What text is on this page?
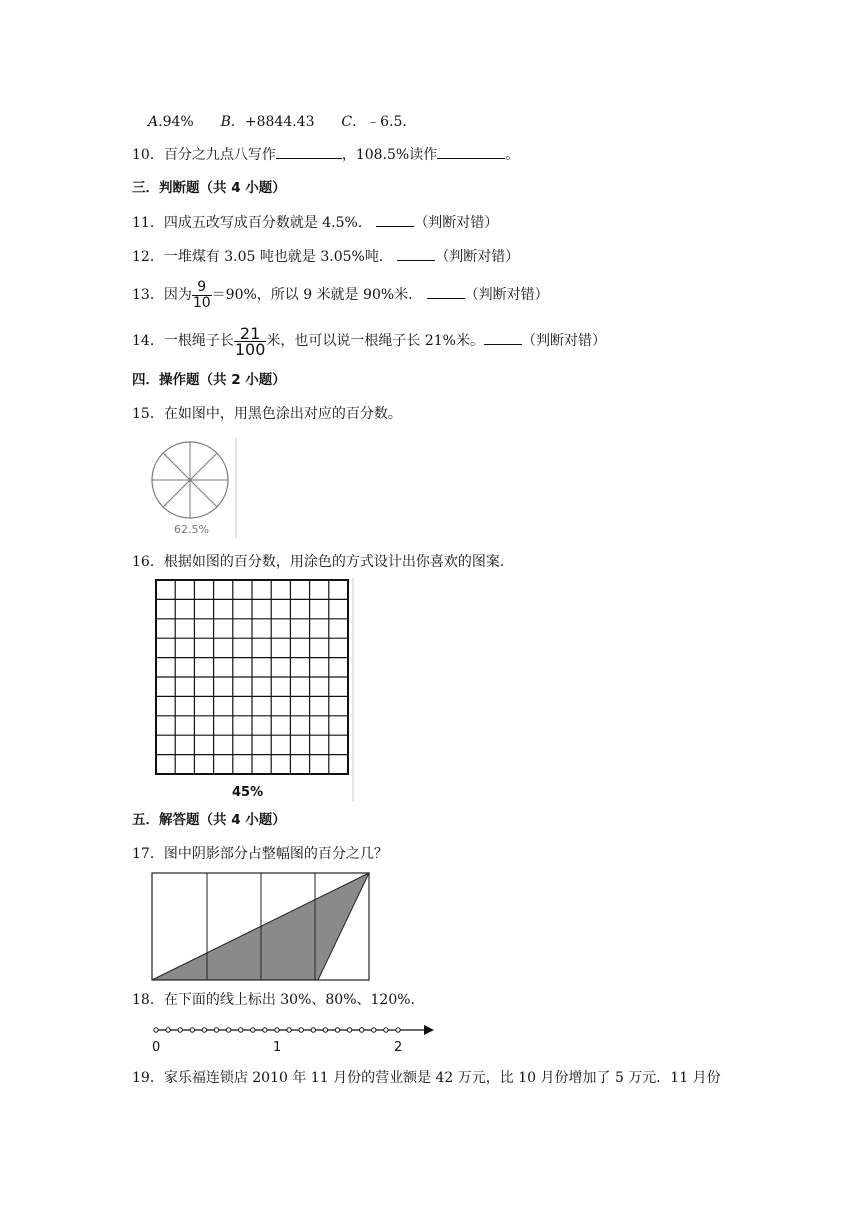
A.94% B．+8844.43 C．﹣6.5．
10．百分之九点八写作	，108.5%读作	。
三．判断题（共 4 小题）
11．四成五改写成百分数就是 4.5%．	（判断对错）
12．一堆煤有 3.05 吨也就是 3.05%吨．	（判断对错）
13．因为 $\frac{9}{10} =90\%$，所以 9 米就是 90%米．	（判断对错）
14．一根绳子长 $\frac{21}{100}$ 米，也可以说一根绳子长 21%米。	（判断对错）
四．操作题（共 2 小题）
15．在如图中，用黑色涂出对应的百分数。
62.5%
16．根据如图的百分数，用涂色的方式设计出你喜欢的图案．
45%
五．解答题（共 4 小题）
17．图中阴影部分占整幅图的百分之几？
18．在下面的线上标出 30%、80%、120%．
0	1	2
19．家乐福连锁店 2010 年 11 月份的营业额是 42 万元，比 10 月份增加了 5 万元．11 月份
